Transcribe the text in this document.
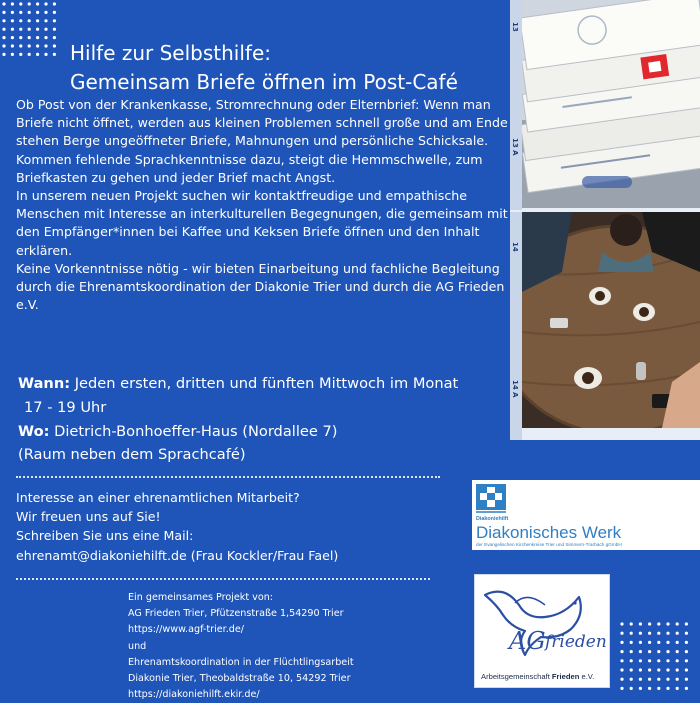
Hilfe zur Selbsthilfe:
Gemeinsam Briefe öffnen im Post-Café

Ob Post von der Krankenkasse, Stromrechnung oder Elternbrief: Wenn man Briefe nicht öffnet, werden aus kleinen Problemen schnell große und am Ende stehen Berge ungeöffneter Briefe, Mahnungen und persönliche Schicksale.

Kommen fehlende Sprachkenntnisse dazu, steigt die Hemmschwelle, zum Briefkasten zu gehen und jeder Brief macht Angst.

In unserem neuen Projekt suchen wir kontaktfreudige und empathische Menschen mit Interesse an interkulturellen Begegnungen, die gemeinsam mit den Empfänger*innen bei Kaffee und Keksen Briefe öffnen und den Inhalt erklären.

Keine Vorkenntnisse nötig - wir bieten Einarbeitung und fachliche Begleitung durch die Ehrenamtskoordination der Diakonie Trier und durch die AG Frieden e.V.

Wann: Jeden ersten, dritten und fünften Mittwoch im Monat

17 - 19 Uhr

Wo: Dietrich-Bonhoeffer-Haus (Nordallee 7)

(Raum neben dem Sprachcafé)

Interesse an einer ehrenamtlichen Mitarbeit?

Wir freuen uns auf Sie!

Schreiben Sie uns eine Mail:

ehrenamt@diakoniehilft.de (Frau Kockler/Frau Fael)

Ein gemeinsames Projekt von:

AG Frieden Trier, Pfützenstraße 1,54290 Trier

https://www.agf-trier.de/

und

Ehrenamtskoordination in der Flüchtlingsarbeit

Diakonie Trier, Theobaldstraße 10, 54292 Trier

https://diakoniehilft.ekir.de/

13
13 A
14
14 A
Diakoniehilft
Diakonisches Werk
der Evangelischen Kirchenkreise Trier und Simmern-Trarbach gGmbH
AG frieden
Arbeitsgemeinschaft Frieden e.V.
